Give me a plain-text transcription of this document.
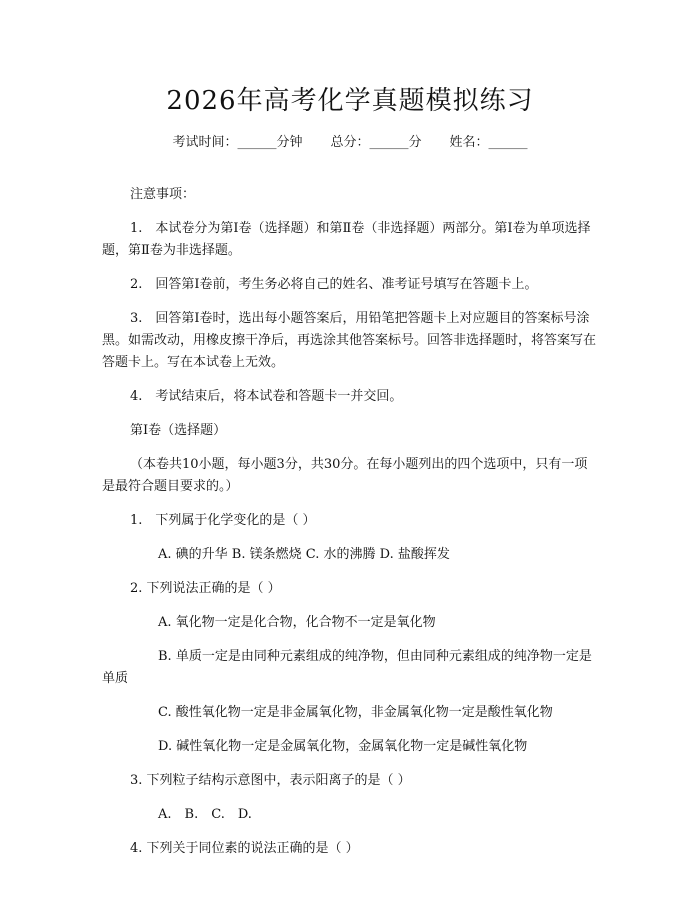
2026年高考化学真题模拟练习
考试时间：______分钟 总分：______分 姓名：______

注意事项：

1.　本试卷分为第Ⅰ卷（选择题）和第Ⅱ卷（非选择题）两部分。第Ⅰ卷为单项选择题，第Ⅱ卷为非选择题。

2.　回答第Ⅰ卷前，考生务必将自己的姓名、准考证号填写在答题卡上。

3.　回答第Ⅰ卷时，选出每小题答案后，用铅笔把答题卡上对应题目的答案标号涂黑。如需改动，用橡皮擦干净后，再选涂其他答案标号。回答非选择题时，将答案写在答题卡上。写在本试卷上无效。

4.　考试结束后，将本试卷和答题卡一并交回。

第Ⅰ卷（选择题）

（本卷共10小题，每小题3分，共30分。在每小题列出的四个选项中，只有一项是最符合题目要求的。）

1.　下列属于化学变化的是（ ）

A. 碘的升华 B. 镁条燃烧 C. 水的沸腾 D. 盐酸挥发

2. 下列说法正确的是（ ）

A. 氧化物一定是化合物，化合物不一定是氧化物

B. 单质一定是由同种元素组成的纯净物，但由同种元素组成的纯净物一定是单质

C. 酸性氧化物一定是非金属氧化物，非金属氧化物一定是酸性氧化物

D. 碱性氧化物一定是金属氧化物，金属氧化物一定是碱性氧化物

3. 下列粒子结构示意图中，表示阳离子的是（ ）

A.　B.　C.　D.

4. 下列关于同位素的说法正确的是（ ）
